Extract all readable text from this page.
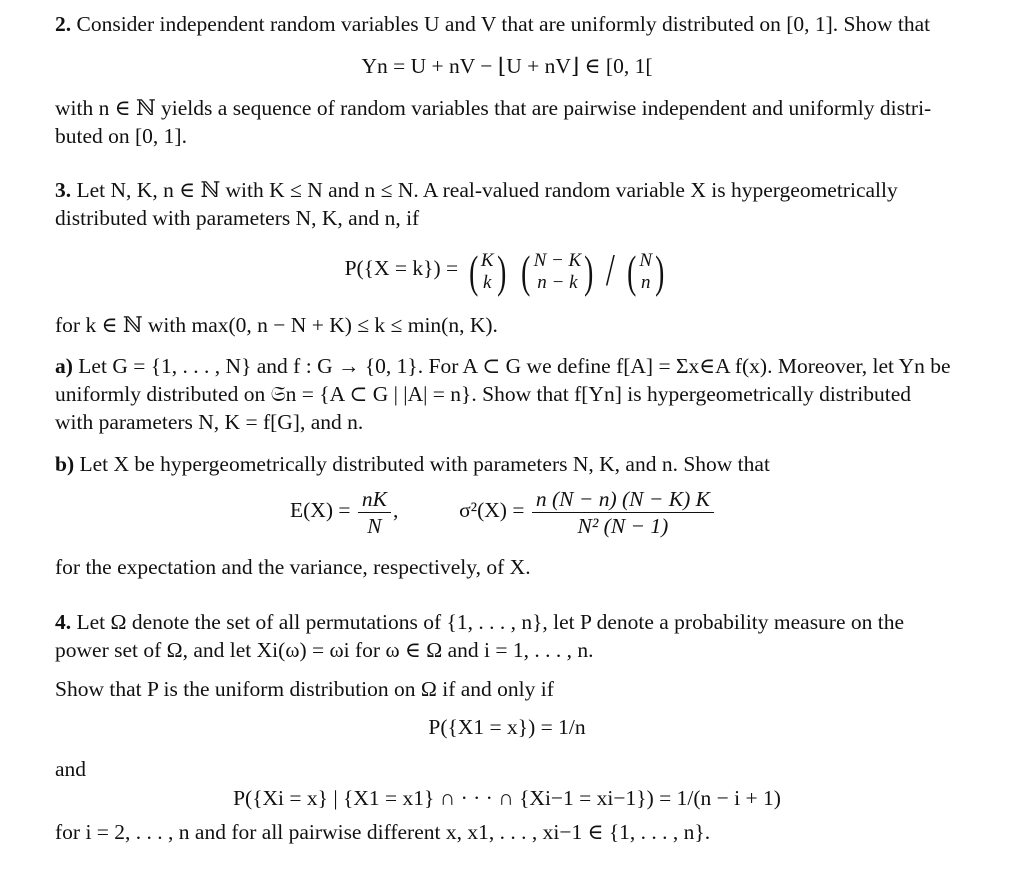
2. Consider independent random variables U and V that are uniformly distributed on [0, 1]. Show that
Yn = U + nV − ⌊U + nV⌋ ∈ [0, 1[
with n ∈ ℕ yields a sequence of random variables that are pairwise independent and uniformly distri-
buted on [0, 1].
3. Let N, K, n ∈ ℕ with K ≤ N and n ≤ N. A real-valued random variable X is hypergeometrically
distributed with parameters N, K, and n, if
P({X = k}) = ( K
k ) ( N − K
n − k ) / ( N
n )
for k ∈ ℕ with max(0, n − N + K) ≤ k ≤ min(n, K).
a) Let G = {1, . . . , N} and f : G → {0, 1}. For A ⊂ G we define f[A] = Σx∈A f(x). Moreover, let Yn be
uniformly distributed on 𝔖n = {A ⊂ G | |A| = n}. Show that f[Yn] is hypergeometrically distributed
with parameters N, K = f[G], and n.
b) Let X be hypergeometrically distributed with parameters N, K, and n. Show that
$E(X) = \frac{nK}{N}$ ,	$\sigma^2(X) = \frac{n (N - n) (N - K) K}{\text{N² (N − 1)}}$
for the expectation and the variance, respectively, of X.
4. Let Ω denote the set of all permutations of {1, . . . , n}, let P denote a probability measure on the
power set of Ω, and let Xi(ω) = ωi for ω ∈ Ω and i = 1, . . . , n.
Show that P is the uniform distribution on Ω if and only if
P({X1 = x}) = 1/n
and
P({Xi = x} | {X1 = x1} ∩ · · · ∩ {Xi−1 = xi−1}) = 1/(n − i + 1)
for i = 2, . . . , n and for all pairwise different x, x1, . . . , xi−1 ∈ {1, . . . , n}.
